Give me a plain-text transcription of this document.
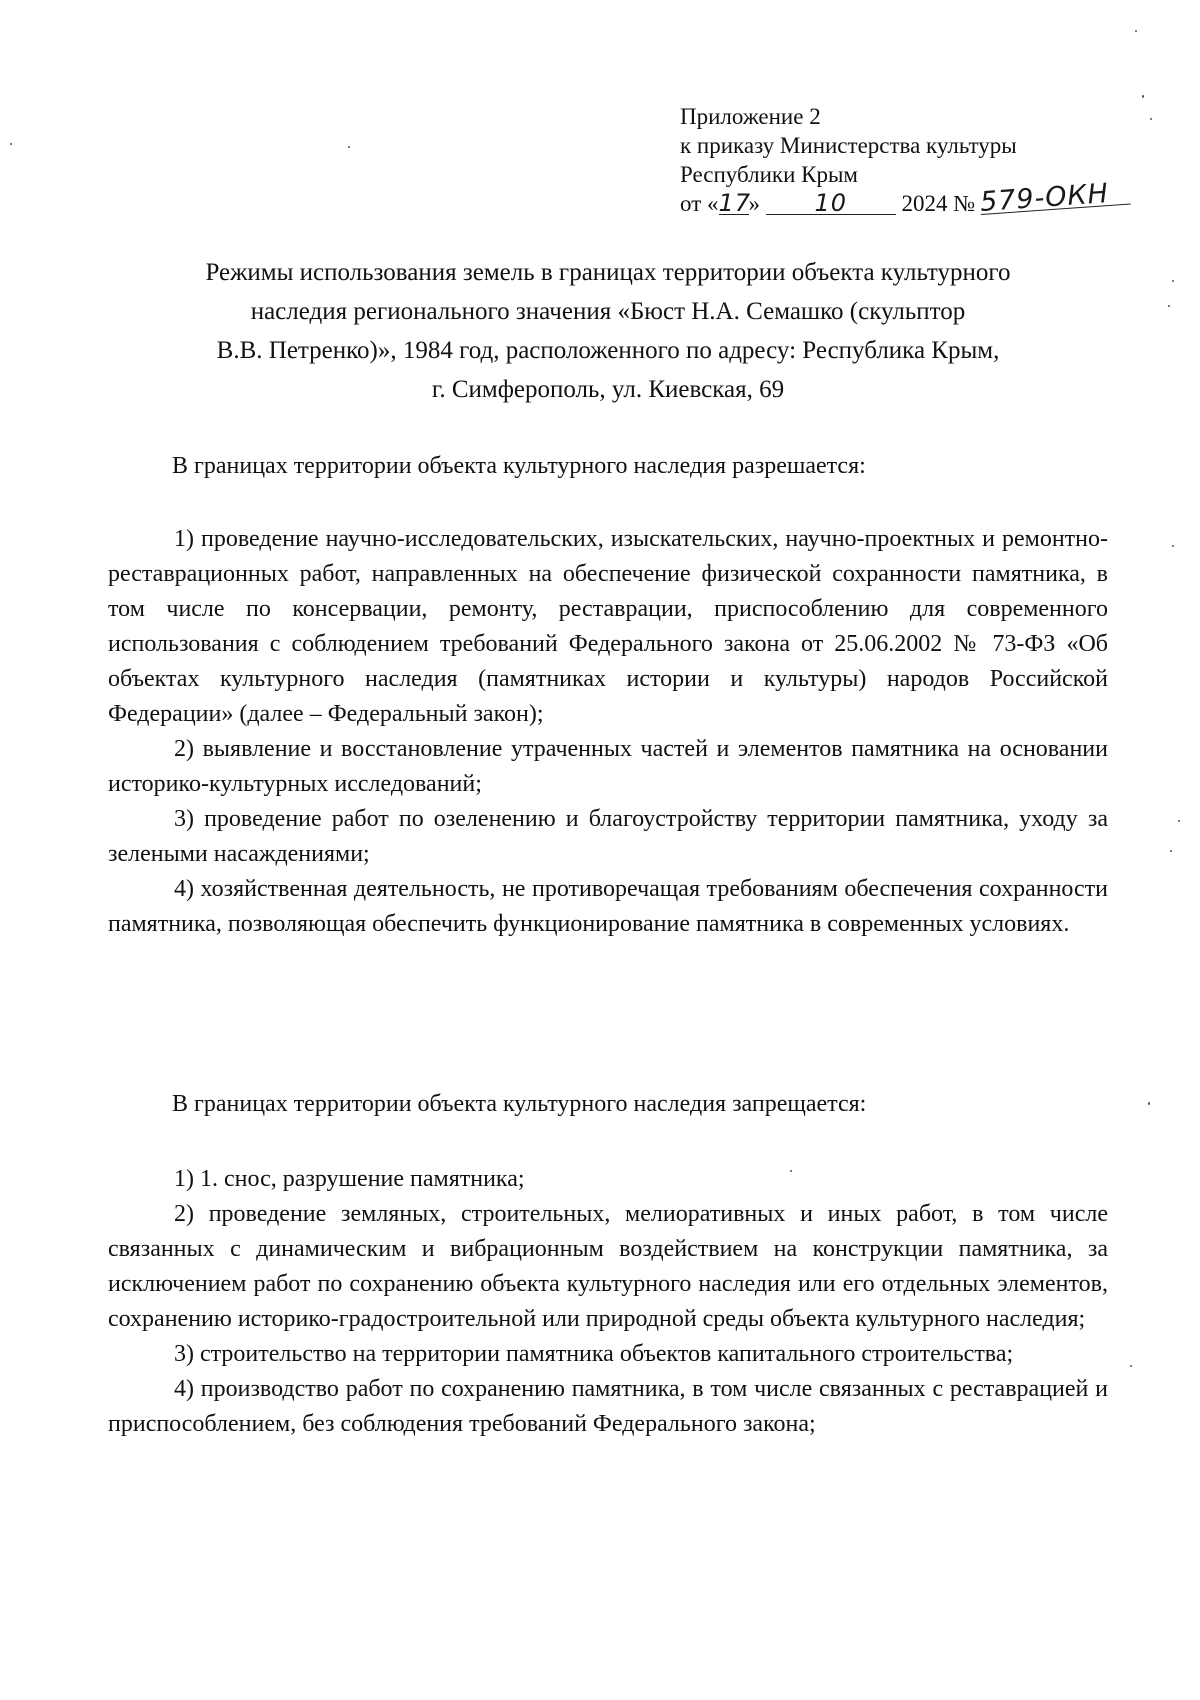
Приложение 2
к приказу Министерства культуры
Республики Крым
от «17» 10 2024 № 579-ОКН
Режимы использования земель в границах территории объекта культурного
наследия регионального значения «Бюст Н.А. Семашко (скульптор
В.В. Петренко)», 1984 год, расположенного по адресу: Республика Крым,
г. Симферополь, ул. Киевская, 69
В границах территории объекта культурного наследия разрешается:
1) проведение научно-исследовательских, изыскательских, научно-проектных и ремонтно-реставрационных работ, направленных на обеспечение физической сохранности памятника, в том числе по консервации, ремонту, реставрации, приспособлению для современного использования с соблюдением требований Федерального закона от 25.06.2002 № 73-ФЗ «Об объектах культурного наследия (памятниках истории и культуры) народов Российской Федерации» (далее – Федеральный закон);
2) выявление и восстановление утраченных частей и элементов памятника на основании историко-культурных исследований;
3) проведение работ по озеленению и благоустройству территории памятника, уходу за зелеными насаждениями;
4) хозяйственная деятельность, не противоречащая требованиям обеспечения сохранности памятника, позволяющая обеспечить функционирование памятника в современных условиях.
В границах территории объекта культурного наследия запрещается:
1) 1. снос, разрушение памятника;
2) проведение земляных, строительных, мелиоративных и иных работ, в том числе связанных с динамическим и вибрационным воздействием на конструкции памятника, за исключением работ по сохранению объекта культурного наследия или его отдельных элементов, сохранению историко-градостроительной или природной среды объекта культурного наследия;
3) строительство на территории памятника объектов капитального строительства;
4) производство работ по сохранению памятника, в том числе связанных с реставрацией и приспособлением, без соблюдения требований Федерального закона;
